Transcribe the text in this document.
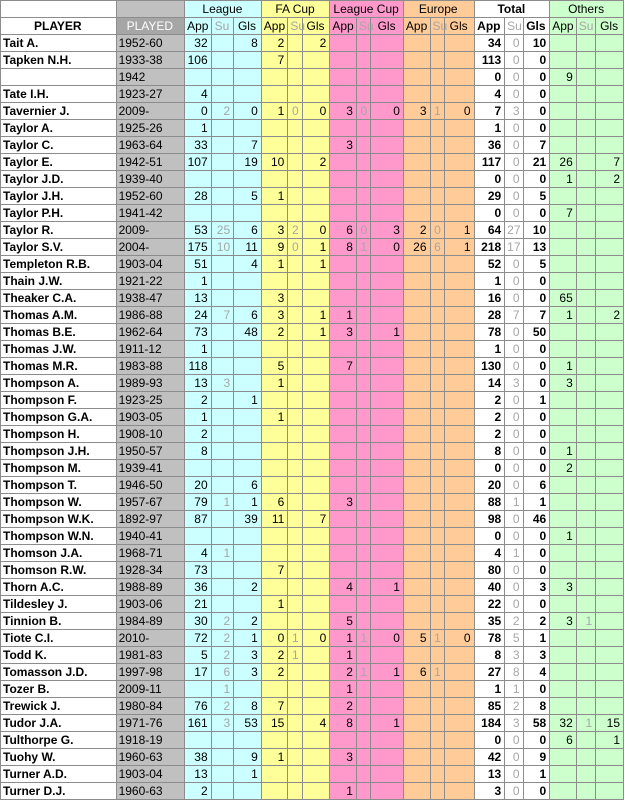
		League			FA Cup			League Cup			Europe			Total			Others		
PLAYER	PLAYED	App	Su	Gls	App	Su	Gls	App	Su	Gls	App	Su	Gls	App	Su	Gls	App	Su	Gls
Tait A.	1952-60	32		8	2		2							34	0	10			
Tapken N.H.	1933-38	106			7									113	0	0			
	1942													0	0	0	9		
Tate I.H.	1923-27	4												4	0	0			
Tavernier J.	2009-	0	2	0	1	0	0	3	0	0	3	1	0	7	3	0			
Taylor A.	1925-26	1												1	0	0			
Taylor C.	1963-64	33		7				3						36	0	7			
Taylor E.	1942-51	107		19	10		2							117	0	21	26		7
Taylor J.D.	1939-40													0	0	0	1		2
Taylor J.H.	1952-60	28		5	1									29	0	5			
Taylor P.H.	1941-42													0	0	0	7		
Taylor R.	2009-	53	25	6	3	2	0	6	0	3	2	0	1	64	27	10			
Taylor S.V.	2004-	175	10	11	9	0	1	8	1	0	26	6	1	218	17	13			
Templeton R.B.	1903-04	51		4	1		1							52	0	5			
Thain J.W.	1921-22	1												1	0	0			
Theaker C.A.	1938-47	13			3									16	0	0	65		
Thomas A.M.	1986-88	24	7	6	3		1	1						28	7	7	1		2
Thomas B.E.	1962-64	73		48	2		1	3		1				78	0	50			
Thomas J.W.	1911-12	1												1	0	0			
Thomas M.R.	1983-88	118			5			7						130	0	0	1		
Thompson A.	1989-93	13	3		1									14	3	0	3		
Thompson F.	1923-25	2		1										2	0	1			
Thompson G.A.	1903-05	1			1									2	0	0			
Thompson H.	1908-10	2												2	0	0			
Thompson J.H.	1950-57	8												8	0	0	1		
Thompson M.	1939-41													0	0	0	2		
Thompson T.	1946-50	20		6										20	0	6			
Thompson W.	1957-67	79	1	1	6			3						88	1	1			
Thompson W.K.	1892-97	87		39	11		7							98	0	46			
Thompson W.N.	1940-41													0	0	0	1		
Thomson J.A.	1968-71	4	1											4	1	0			
Thomson R.W.	1928-34	73			7									80	0	0			
Thorn A.C.	1988-89	36		2				4		1				40	0	3	3		
Tildesley J.	1903-06	21			1									22	0	0			
Tinnion B.	1984-89	30	2	2				5						35	2	2	3	1	
Tiote C.I.	2010-	72	2	1	0	1	0	1	1	0	5	1	0	78	5	1			
Todd K.	1981-83	5	2	3	2	1		1						8	3	3			
Tomasson J.D.	1997-98	17	6	3	2			2	1	1	6	1		27	8	4			
Tozer B.	2009-11		1					1						1	1	0			
Trewick J.	1980-84	76	2	8	7			2						85	2	8			
Tudor J.A.	1971-76	161	3	53	15		4	8		1				184	3	58	32	1	15
Tulthorpe G.	1918-19													0	0	0	6		1
Tuohy W.	1960-63	38		9	1			3						42	0	9			
Turner A.D.	1903-04	13		1										13	0	1			
Turner D.J.	1960-63	2						1						3	0	0			
